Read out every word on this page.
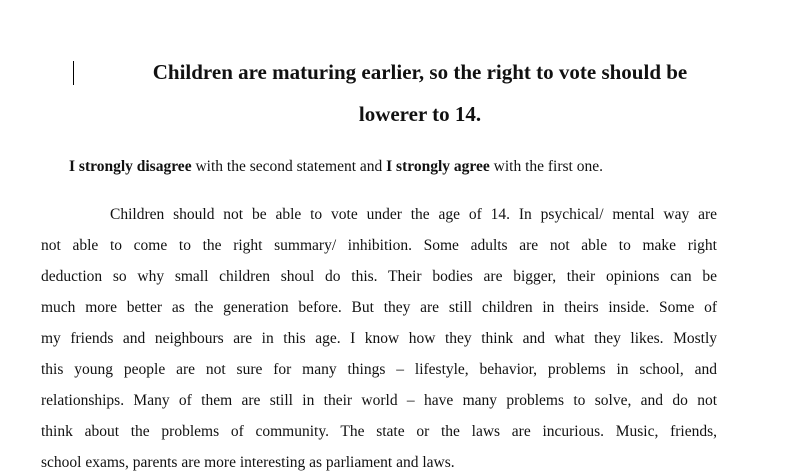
Children are maturing earlier, so the right to vote should be
lowerer to 14.

I strongly disagree with the second statement and I strongly agree with the first one.

Children should not be able to vote under the age of 14. In psychical/ mental way are
not able to come to the right summary/ inhibition. Some adults are not able to make right
deduction so why small children shoul do this. Their bodies are bigger, their opinions can be
much more better as the generation before. But they are still children in theirs inside. Some of
my friends and neighbours are in this age. I know how they think and what they likes. Mostly
this young people are not sure for many things – lifestyle, behavior, problems in school, and
relationships. Many of them are still in their world – have many problems to solve, and do not
think about the problems of community. The state or the laws are incurious. Music, friends,
school exams, parents are more interesting as parliament and laws.
